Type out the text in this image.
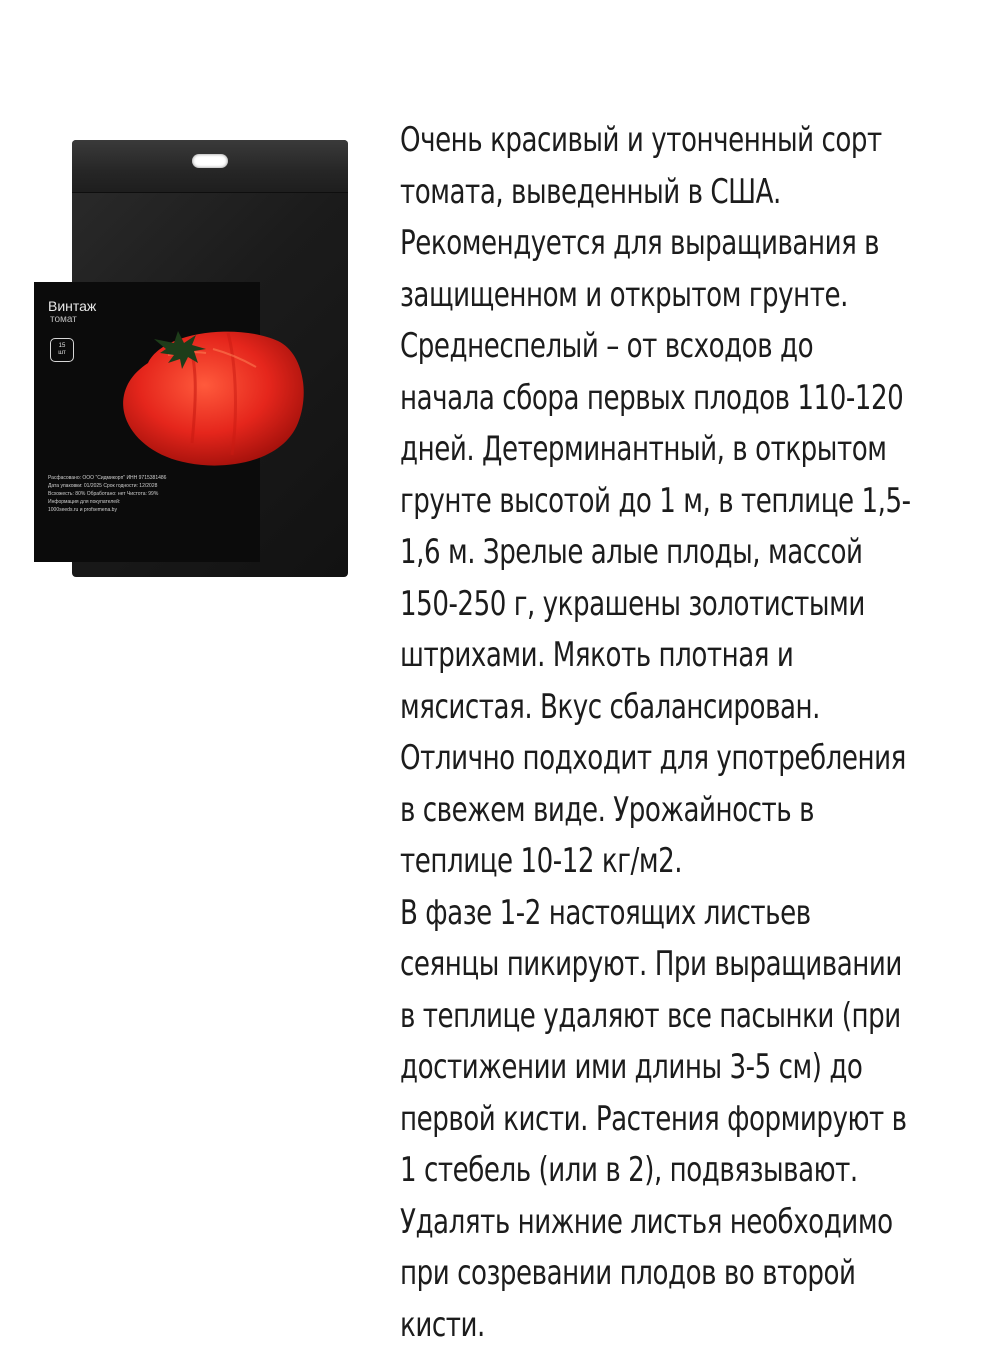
Винтаж

томат

15
шт
Расфасовано: ООО "Сидмикорп" ИНН 9715381486
Дата упаковки: 01/2025 Срок годности: 12/2028
Всхожесть: 80% Обработано: нет Чистота: 99%
Информация для покупателей:
1000seeds.ru и profsemena.by

Очень красивый и утонченный сорт

томата, выведенный в США.

Рекомендуется для выращивания в

защищенном и открытом грунте.

Среднеспелый – от всходов до

начала сбора первых плодов 110-120

дней. Детерминантный, в открытом

грунте высотой до 1 м, в теплице 1,5-

1,6 м. Зрелые алые плоды, массой

150-250 г, украшены золотистыми

штрихами. Мякоть плотная и

мясистая. Вкус сбалансирован.

Отлично подходит для употребления

в свежем виде. Урожайность в

теплице 10-12 кг/м2.

В фазе 1-2 настоящих листьев

сеянцы пикируют. При выращивании

в теплице удаляют все пасынки (при

достижении ими длины 3-5 см) до

первой кисти. Растения формируют в

1 стебель (или в 2), подвязывают.

Удалять нижние листья необходимо

при созревании плодов во второй

кисти.
